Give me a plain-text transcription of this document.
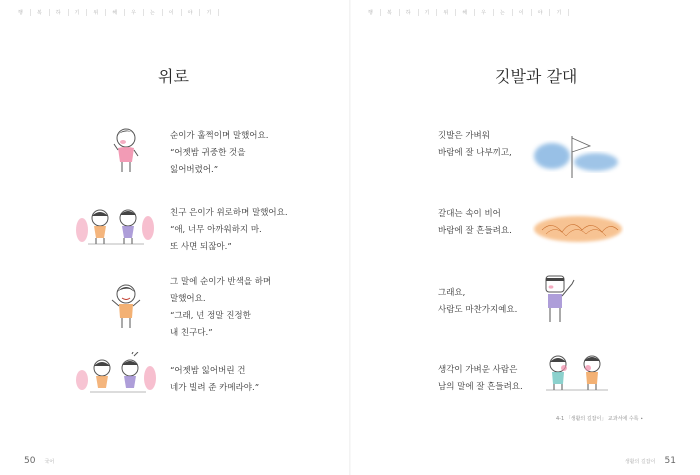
행	복	하	기	위	해	우	는	이	야	기	행	복	하	기	위	해	우	는	이	야	기
위로
순이가 훌쩍이며 말했어요.
“어젯밤 귀중한 것을
잃어버렸어.”
친구 은이가 위로하며 말했어요.
“애, 너무 아까워하지 마.
또 사면 되잖아.”
그 말에 순이가 반색을 하며
말했어요.
“그래, 넌 정말 진정한
내 친구다.”
“어젯밤 잃어버린 건
네가 빌려 준 카메라야.”
50 국어
깃발과 갈대
깃발은 가벼워
바람에 잘 나부끼고,
갈대는 속이 비어
바람에 잘 흔들려요.
그래요,
사람도 마찬가지예요.
생각이 가벼운 사람은
남의 말에 잘 흔들려요.
4-1 「생활의 길잡이」 교과서에 수록 ∙
생활의 길잡이 51
